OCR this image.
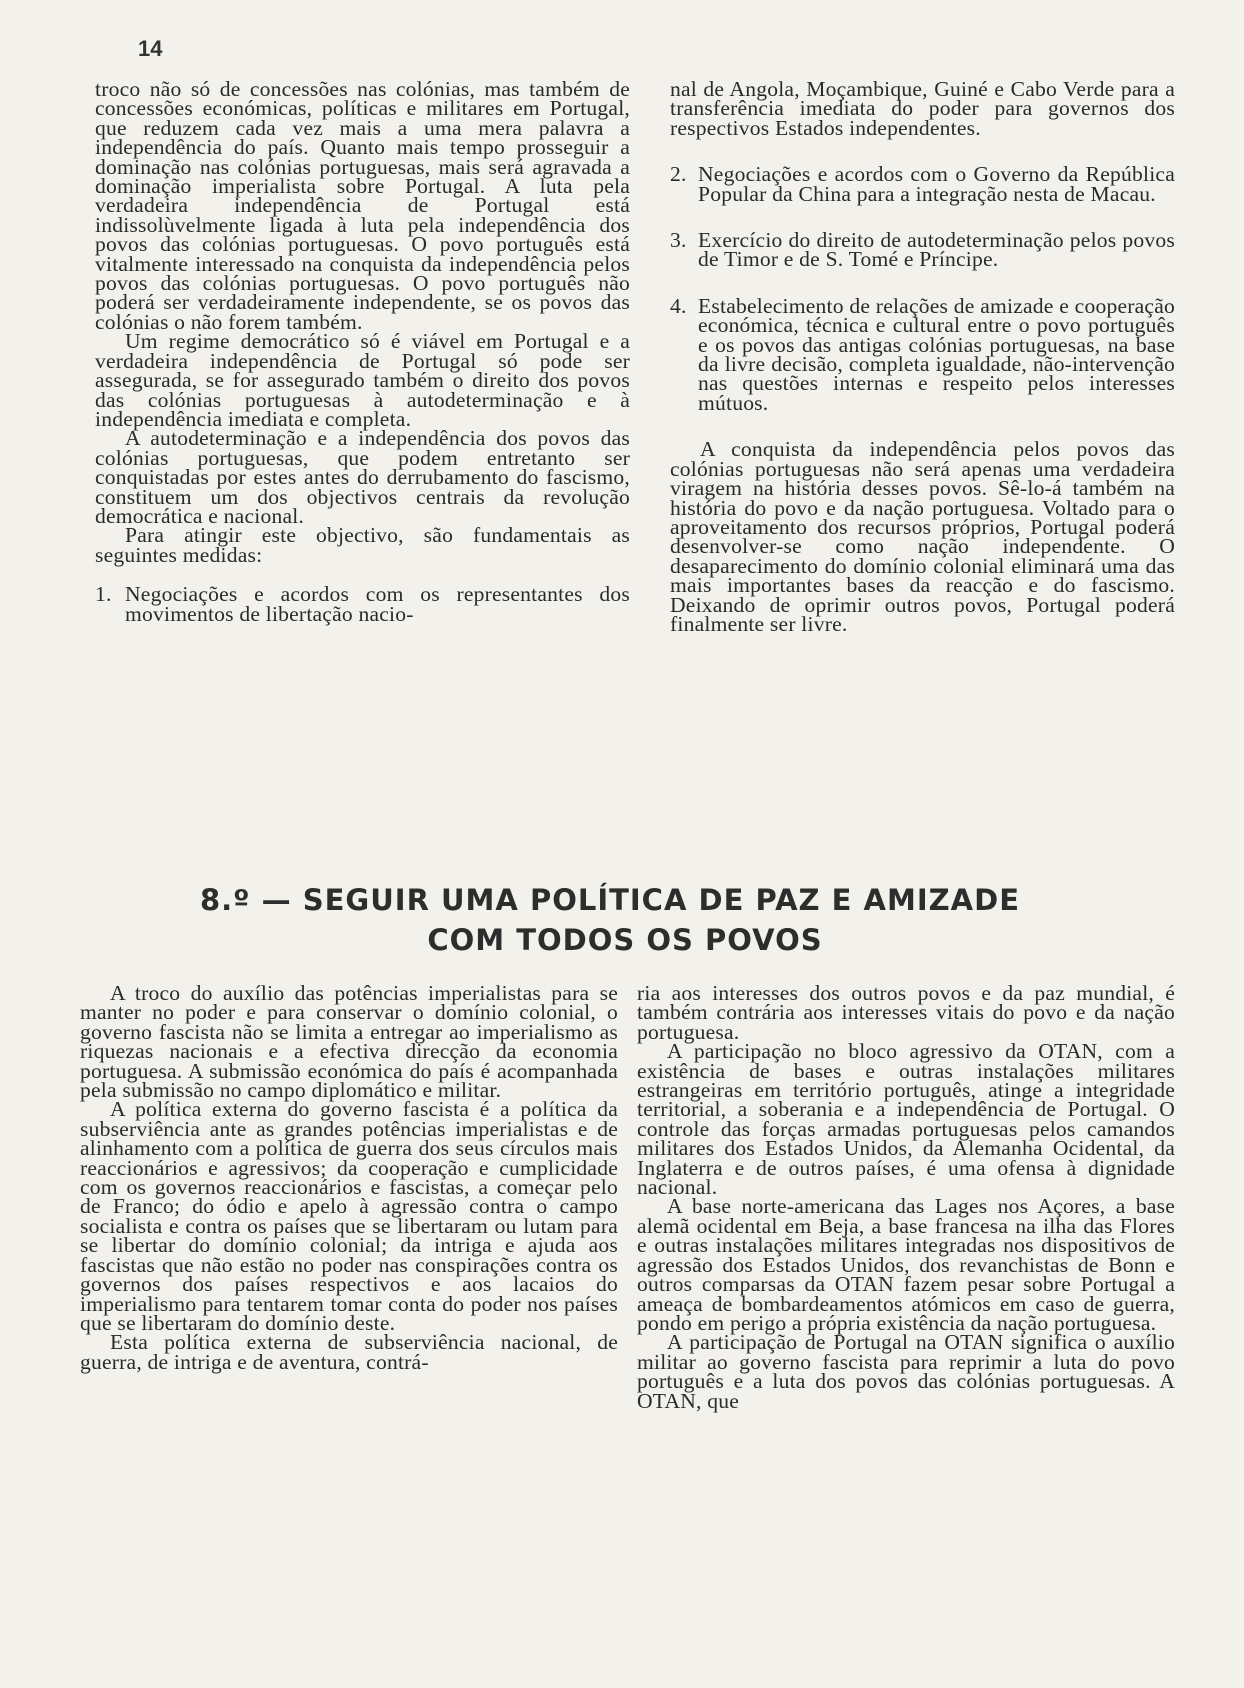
14

troco não só de concessões nas colónias, mas também de concessões económicas, políticas e militares em Portugal, que reduzem cada vez mais a uma mera palavra a independência do país. Quanto mais tempo prosseguir a dominação nas colónias portuguesas, mais será agravada a dominação imperialista sobre Portugal. A luta pela verdadeira independência de Portugal está indissolùvelmente ligada à luta pela independência dos povos das colónias portuguesas. O povo português está vitalmente interessado na conquista da independência pelos povos das colónias portuguesas. O povo português não poderá ser verdadeiramente independente, se os povos das colónias o não forem também.

Um regime democrático só é viável em Portugal e a verdadeira independência de Portugal só pode ser assegurada, se for assegurado também o direito dos povos das colónias portuguesas à autodeterminação e à independência imediata e completa.

A autodeterminação e a independência dos povos das colónias portuguesas, que podem entretanto ser conquistadas por estes antes do derrubamento do fascismo, constituem um dos objectivos centrais da revolução democrática e nacional.

Para atingir este objectivo, são fundamentais as seguintes medidas:

1. Negociações e acordos com os representantes dos movimentos de libertação nacio-

nal de Angola, Moçambique, Guiné e Cabo Verde para a transferência imediata do poder para governos dos respectivos Estados independentes.

2. Negociações e acordos com o Governo da República Popular da China para a integração nesta de Macau.
3. Exercício do direito de autodeterminação pelos povos de Timor e de S. Tomé e Príncipe.
4. Estabelecimento de relações de amizade e cooperação económica, técnica e cultural entre o povo português e os povos das antigas colónias portuguesas, na base da livre decisão, completa igualdade, não-intervenção nas questões internas e respeito pelos interesses mútuos.

A conquista da independência pelos povos das colónias portuguesas não será apenas uma verdadeira viragem na história desses povos. Sê-lo-á também na história do povo e da nação portuguesa. Voltado para o aproveitamento dos recursos próprios, Portugal poderá desenvolver-se como nação independente. O desaparecimento do domínio colonial eliminará uma das mais importantes bases da reacção e do fascismo. Deixando de oprimir outros povos, Portugal poderá finalmente ser livre.

8.º — SEGUIR UMA POLÍTICA DE PAZ E AMIZADE
COM TODOS OS POVOS

A troco do auxílio das potências imperialistas para se manter no poder e para conservar o domínio colonial, o governo fascista não se limita a entregar ao imperialismo as riquezas nacionais e a efectiva direcção da economia portuguesa. A submissão económica do país é acompanhada pela submissão no campo diplomático e militar.

A política externa do governo fascista é a política da subserviência ante as grandes potências imperialistas e de alinhamento com a política de guerra dos seus círculos mais reaccionários e agressivos; da cooperação e cumplicidade com os governos reaccionários e fascistas, a começar pelo de Franco; do ódio e apelo à agressão contra o campo socialista e contra os países que se libertaram ou lutam para se libertar do domínio colonial; da intriga e ajuda aos fascistas que não estão no poder nas conspirações contra os governos dos países respectivos e aos lacaios do imperialismo para tentarem tomar conta do poder nos países que se libertaram do domínio deste.

Esta política externa de subserviência nacional, de guerra, de intriga e de aventura, contrá-

ria aos interesses dos outros povos e da paz mundial, é também contrária aos interesses vitais do povo e da nação portuguesa.

A participação no bloco agressivo da OTAN, com a existência de bases e outras instalações militares estrangeiras em território português, atinge a integridade territorial, a soberania e a independência de Portugal. O controle das forças armadas portuguesas pelos camandos militares dos Estados Unidos, da Alemanha Ocidental, da Inglaterra e de outros países, é uma ofensa à dignidade nacional.

A base norte-americana das Lages nos Açores, a base alemã ocidental em Beja, a base francesa na ilha das Flores e outras instalações militares integradas nos dispositivos de agressão dos Estados Unidos, dos revanchistas de Bonn e outros comparsas da OTAN fazem pesar sobre Portugal a ameaça de bombardeamentos atómicos em caso de guerra, pondo em perigo a própria existência da nação portuguesa.

A participação de Portugal na OTAN significa o auxílio militar ao governo fascista para reprimir a luta do povo português e a luta dos povos das colónias portuguesas. A OTAN, que
